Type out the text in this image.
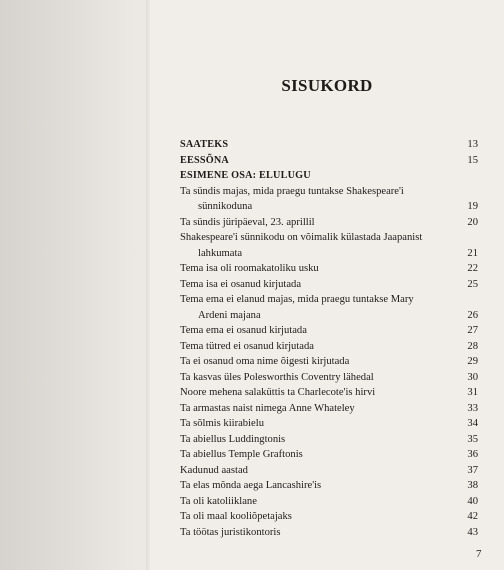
SISUKORD
SAATEKS	13
EESSÕNA	15
ESIMENE OSA: ELULUGU
Ta sündis majas, mida praegu tuntakse Shakespeare'i
sünnikoduna	19
Ta sündis jüripäeval, 23. aprillil	20
Shakespeare'i sünnikodu on võimalik külastada Jaapanist
lahkumata	21
Tema isa oli roomakatoliku usku	22
Tema isa ei osanud kirjutada	25
Tema ema ei elanud majas, mida praegu tuntakse Mary
Ardeni majana	26
Tema ema ei osanud kirjutada	27
Tema tütred ei osanud kirjutada	28
Ta ei osanud oma nime õigesti kirjutada	29
Ta kasvas üles Polesworthis Coventry lähedal	30
Noore mehena salaküttis ta Charlecote'is hirvi	31
Ta armastas naist nimega Anne Whateley	33
Ta sõlmis kiirabielu	34
Ta abiellus Luddingtonis	35
Ta abiellus Temple Graftonis	36
Kadunud aastad	37
Ta elas mõnda aega Lancashire'is	38
Ta oli katoliiklane	40
Ta oli maal kooliõpetajaks	42
Ta töötas juristikontoris	43
7
